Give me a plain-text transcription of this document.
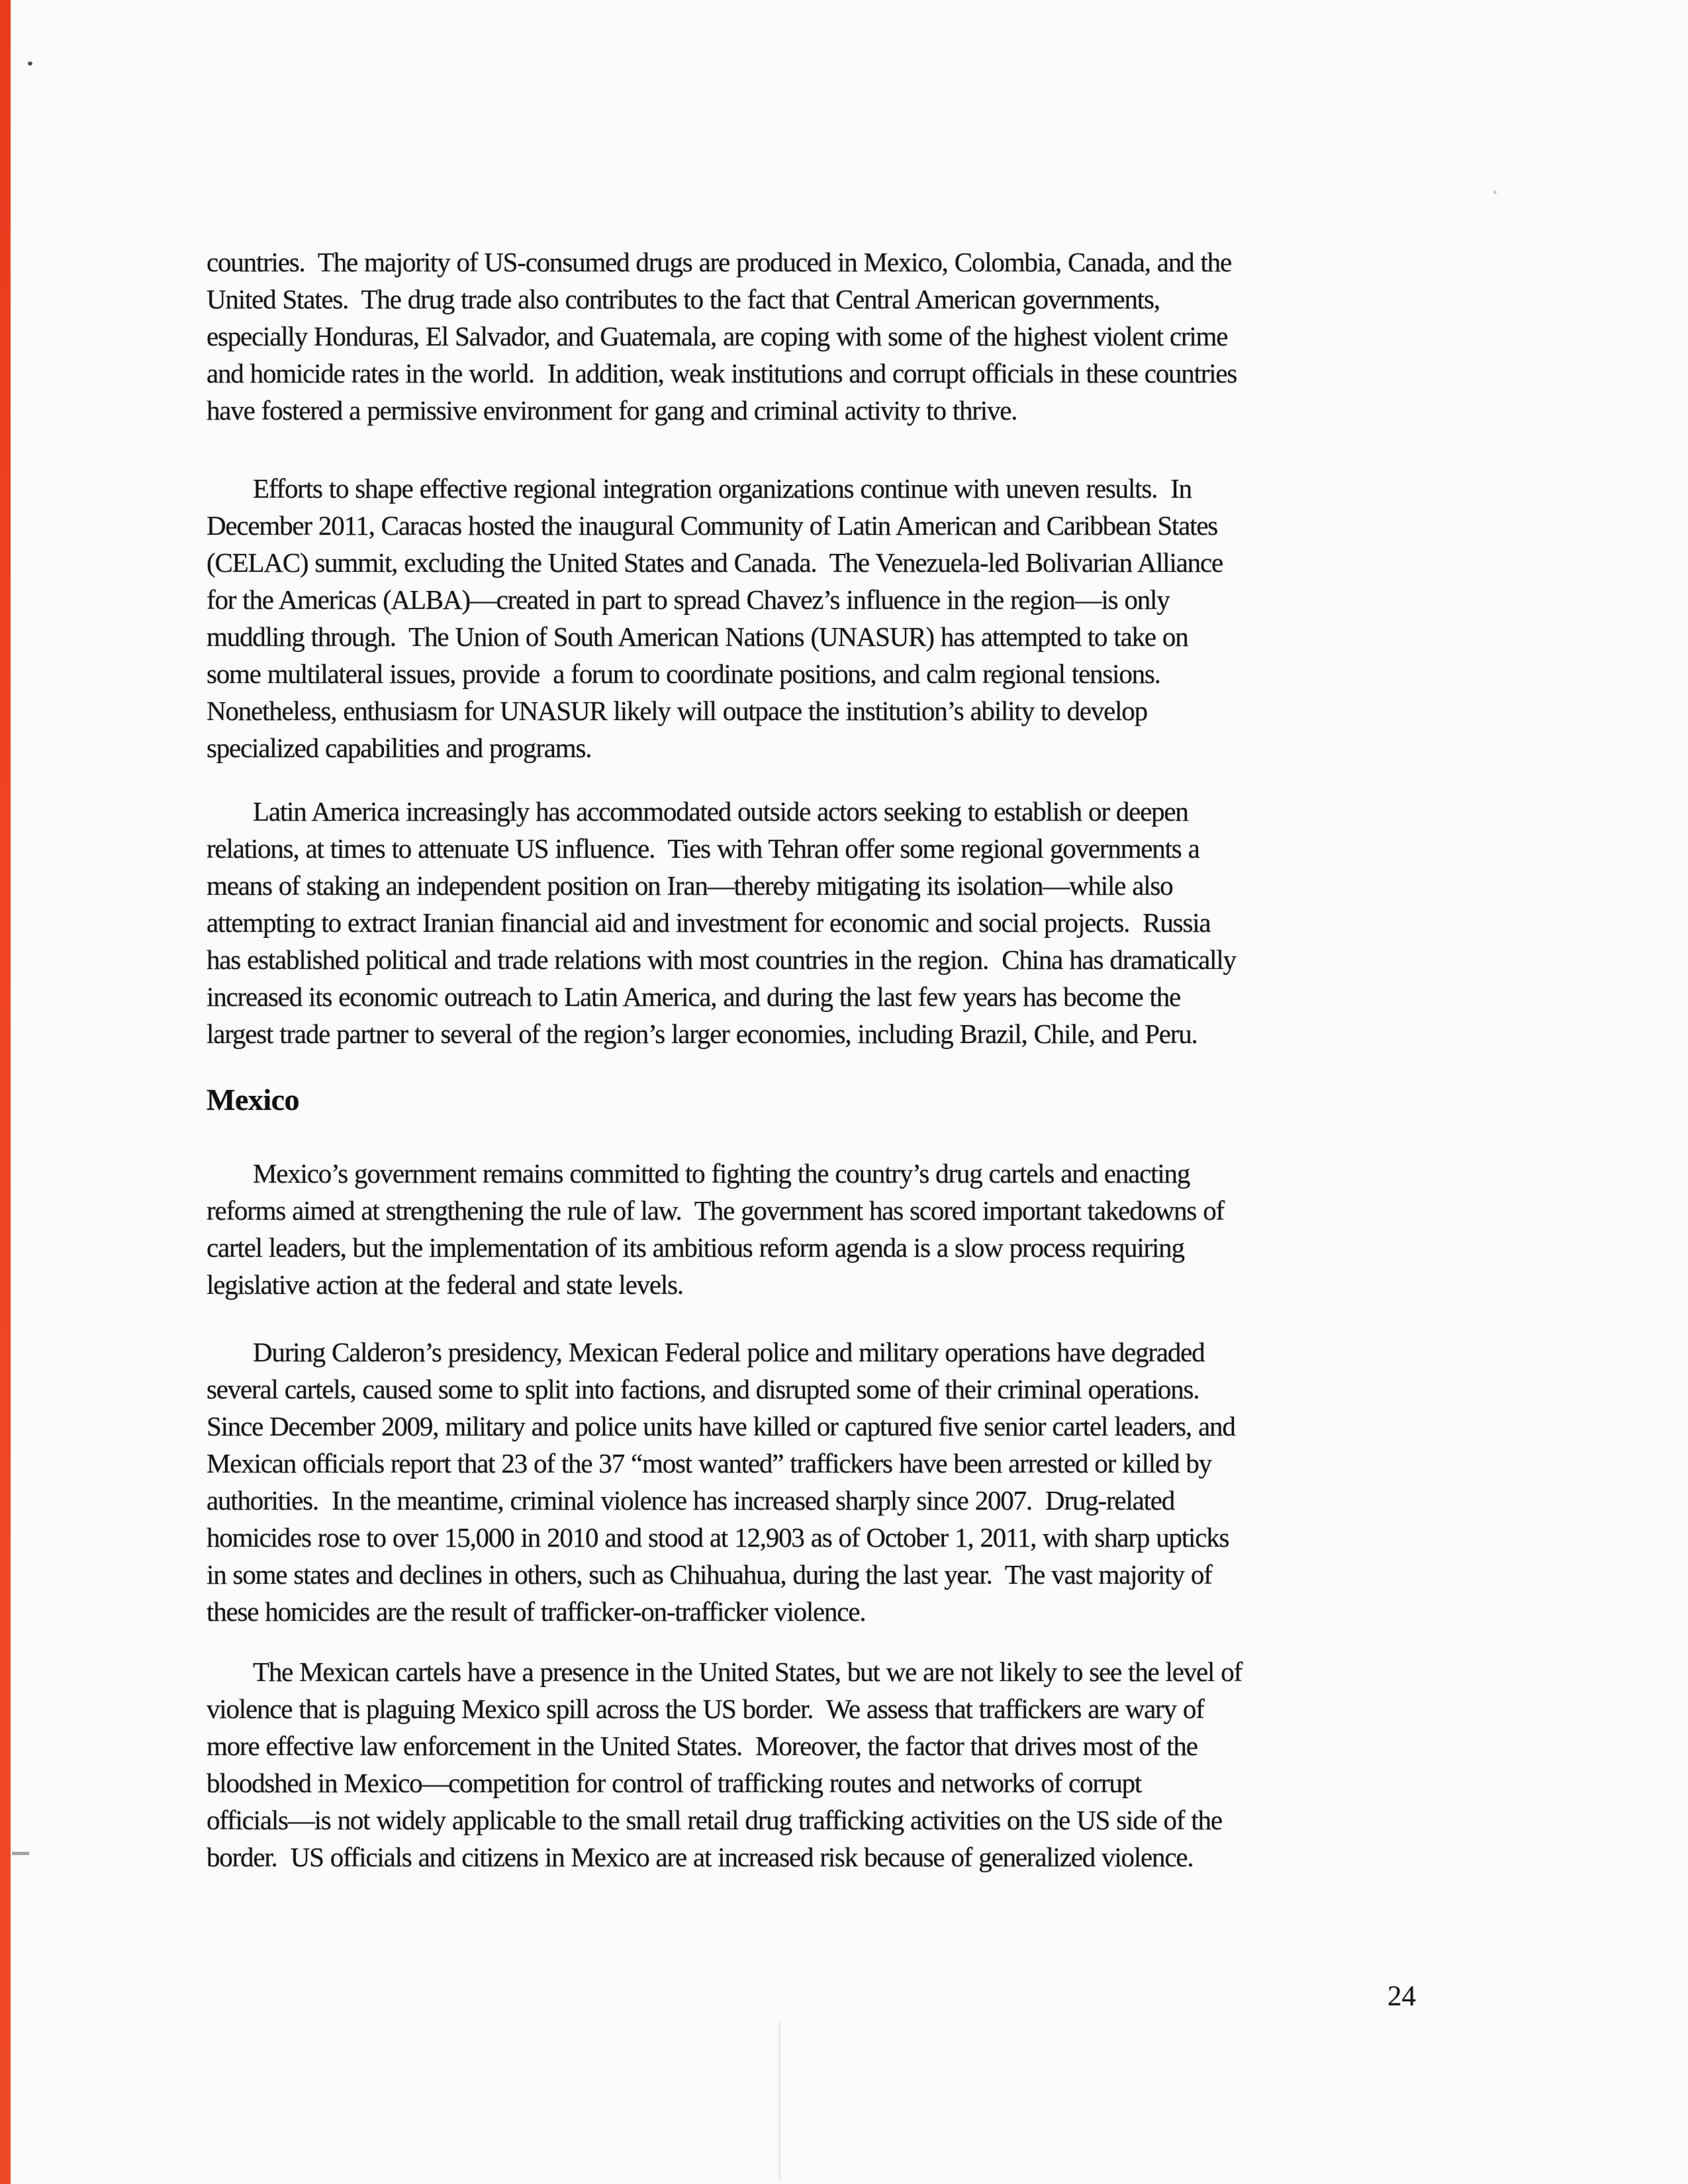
countries.  The majority of US-consumed drugs are produced in Mexico, Colombia, Canada, and the
United States.  The drug trade also contributes to the fact that Central American governments,
especially Honduras, El Salvador, and Guatemala, are coping with some of the highest violent crime
and homicide rates in the world.  In addition, weak institutions and corrupt officials in these countries
have fostered a permissive environment for gang and criminal activity to thrive.
Efforts to shape effective regional integration organizations continue with uneven results.  In
December 2011, Caracas hosted the inaugural Community of Latin American and Caribbean States
(CELAC) summit, excluding the United States and Canada.  The Venezuela-led Bolivarian Alliance
for the Americas (ALBA)—created in part to spread Chavez’s influence in the region—is only
muddling through.  The Union of South American Nations (UNASUR) has attempted to take on
some multilateral issues, provide  a forum to coordinate positions, and calm regional tensions.
Nonetheless, enthusiasm for UNASUR likely will outpace the institution’s ability to develop
specialized capabilities and programs.
Latin America increasingly has accommodated outside actors seeking to establish or deepen
relations, at times to attenuate US influence.  Ties with Tehran offer some regional governments a
means of staking an independent position on Iran—thereby mitigating its isolation—while also
attempting to extract Iranian financial aid and investment for economic and social projects.  Russia
has established political and trade relations with most countries in the region.  China has dramatically
increased its economic outreach to Latin America, and during the last few years has become the
largest trade partner to several of the region’s larger economies, including Brazil, Chile, and Peru.
Mexico
Mexico’s government remains committed to fighting the country’s drug cartels and enacting
reforms aimed at strengthening the rule of law.  The government has scored important takedowns of
cartel leaders, but the implementation of its ambitious reform agenda is a slow process requiring
legislative action at the federal and state levels.
During Calderon’s presidency, Mexican Federal police and military operations have degraded
several cartels, caused some to split into factions, and disrupted some of their criminal operations.
Since December 2009, military and police units have killed or captured five senior cartel leaders, and
Mexican officials report that 23 of the 37 “most wanted” traffickers have been arrested or killed by
authorities.  In the meantime, criminal violence has increased sharply since 2007.  Drug-related
homicides rose to over 15,000 in 2010 and stood at 12,903 as of October 1, 2011, with sharp upticks
in some states and declines in others, such as Chihuahua, during the last year.  The vast majority of
these homicides are the result of trafficker-on-trafficker violence.
The Mexican cartels have a presence in the United States, but we are not likely to see the level of
violence that is plaguing Mexico spill across the US border.  We assess that traffickers are wary of
more effective law enforcement in the United States.  Moreover, the factor that drives most of the
bloodshed in Mexico—competition for control of trafficking routes and networks of corrupt
officials—is not widely applicable to the small retail drug trafficking activities on the US side of the
border.  US officials and citizens in Mexico are at increased risk because of generalized violence.
24
